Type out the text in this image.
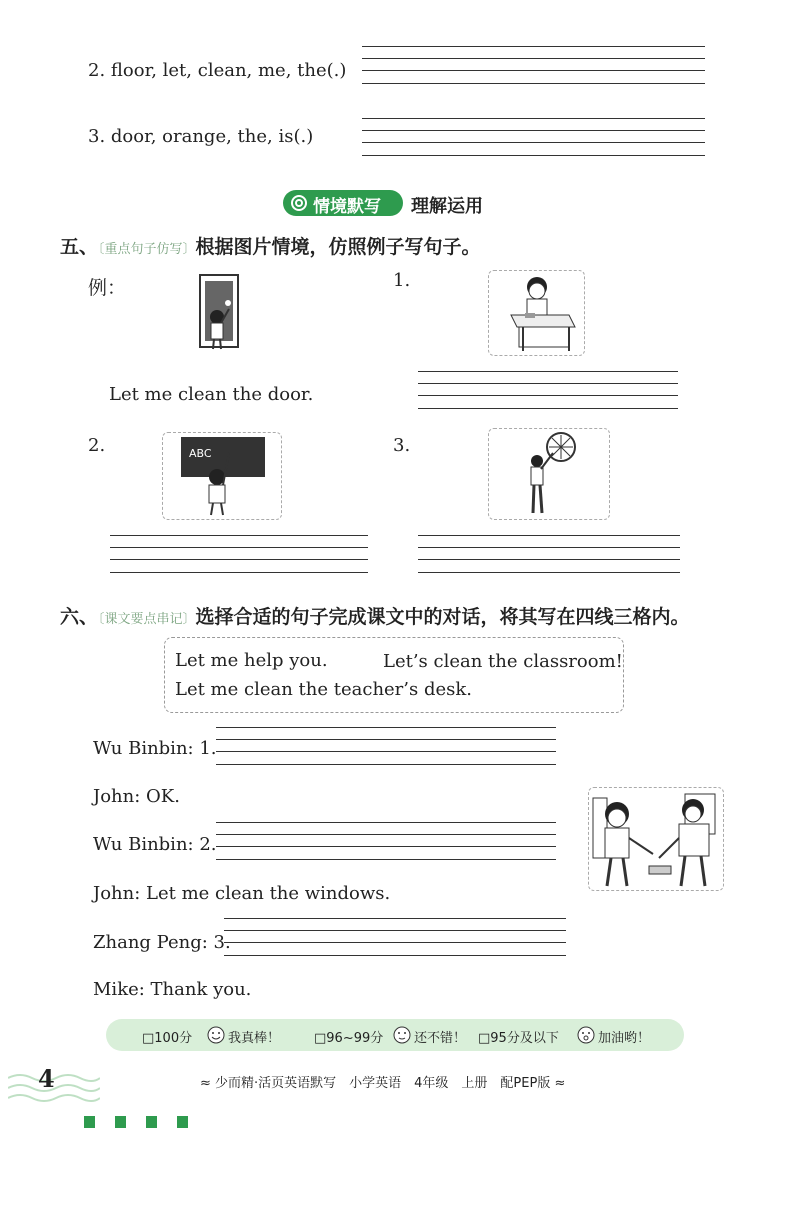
2. floor, let, clean, me, the(.)
3. door, orange, the, is(.)
情境默写 理解运用
五、〔重点句子仿写〕根据图片情境，仿照例子写句子。
例：
Let me clean the door.
1.
2.	ABC	3.
六、〔课文要点串记〕选择合适的句子完成课文中的对话，将其写在四线三格内。
Let me help you.	Let’s clean the classroom!
Let me clean the teacher’s desk.
Wu Binbin: 1.
John: OK.
Wu Binbin: 2.
John: Let me clean the windows.
Zhang Peng: 3.
Mike: Thank you.
□100分	我真棒！	□96~99分 还不错！ □95分及以下	加油哟！
4	≈ 少而精·活页英语默写　小学英语　4年级　上册　配PEP版 ≈
